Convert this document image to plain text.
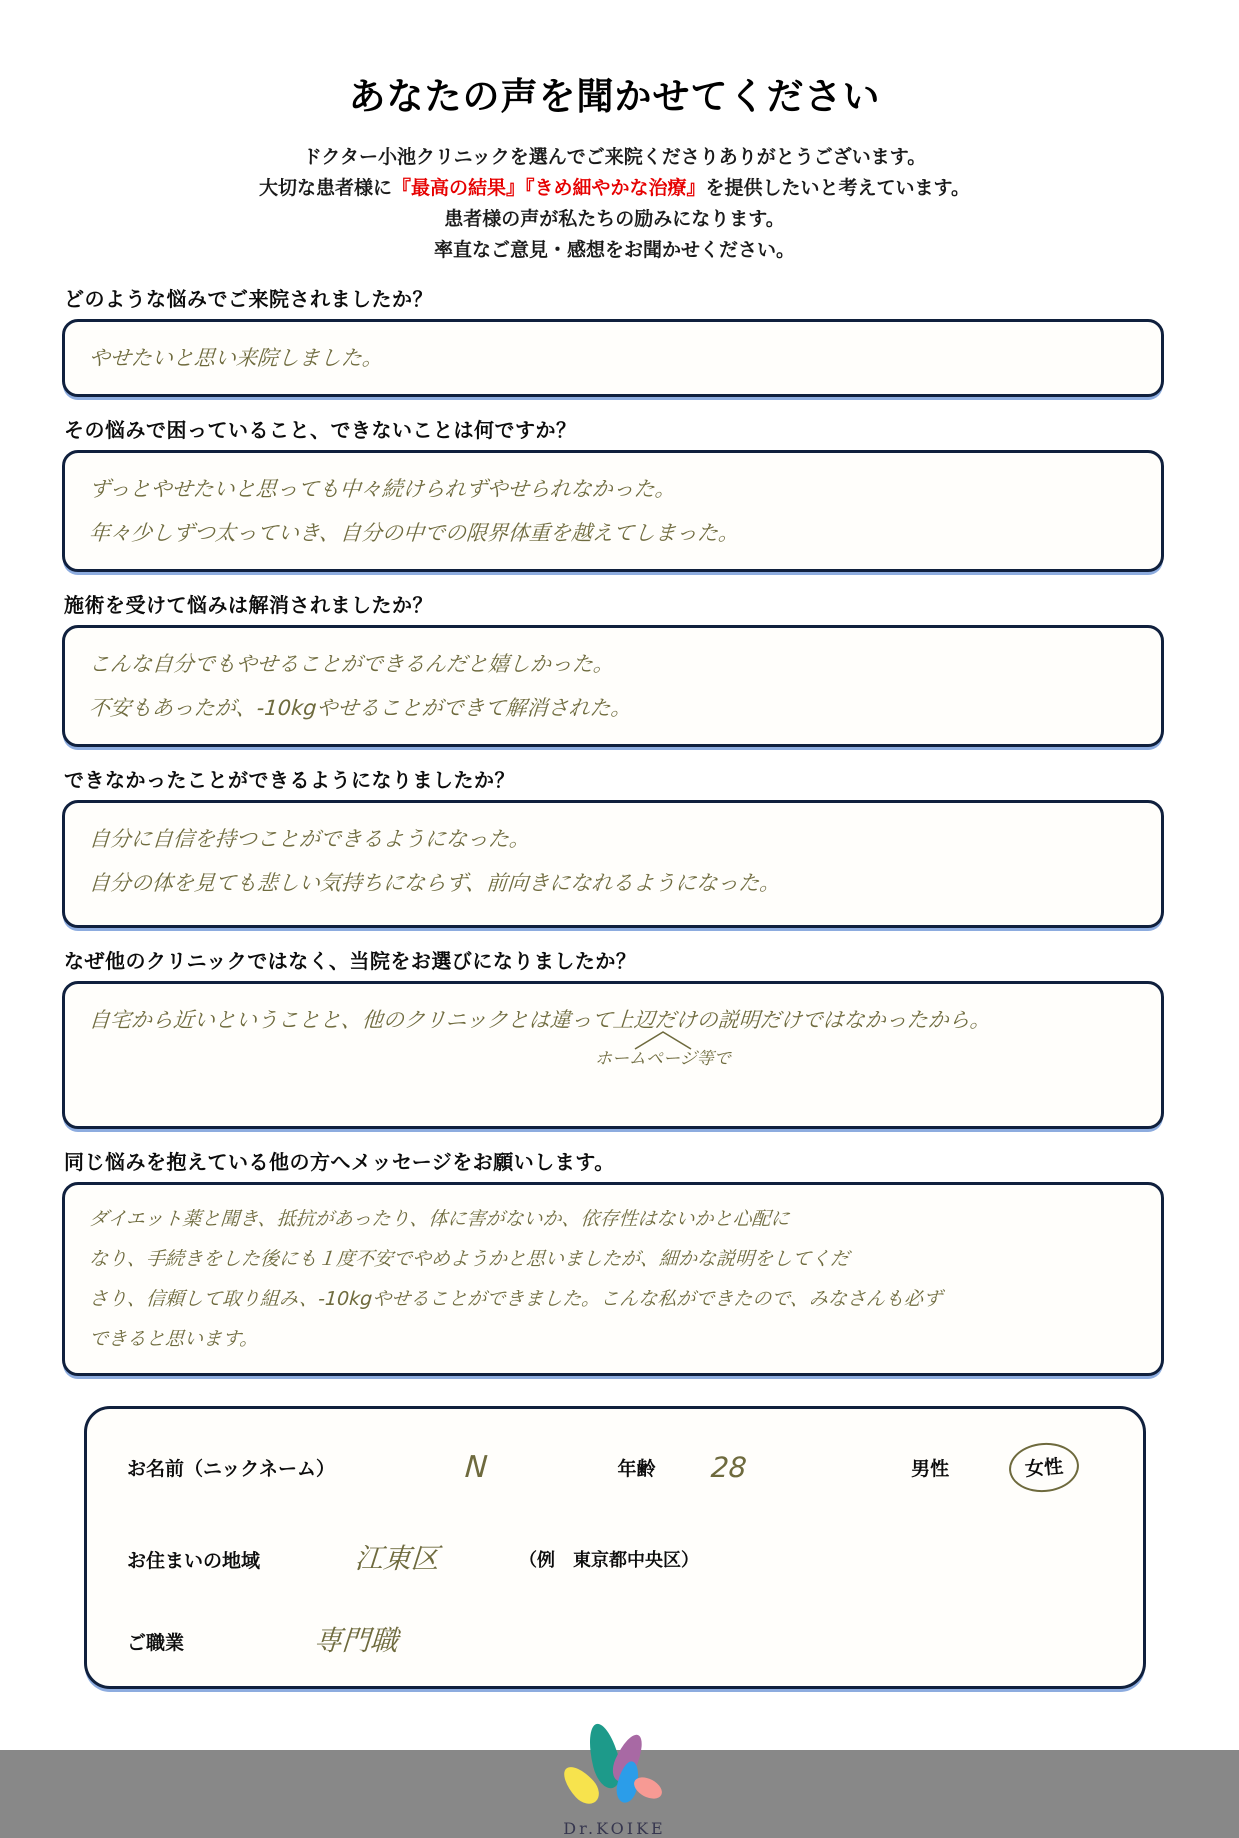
あなたの声を聞かせてください
ドクター小池クリニックを選んでご来院くださりありがとうございます。
大切な患者様に『最高の結果』『きめ細やかな治療』を提供したいと考えています。
患者様の声が私たちの励みになります。
率直なご意見・感想をお聞かせください。
どのような悩みでご来院されましたか？
やせたいと思い来院しました。
その悩みで困っていること、できないことは何ですか？
ずっとやせたいと思っても中々続けられずやせられなかった。
年々少しずつ太っていき、自分の中での限界体重を越えてしまった。
施術を受けて悩みは解消されましたか？
こんな自分でもやせることができるんだと嬉しかった。
不安もあったが、-10kgやせることができて解消された。
できなかったことができるようになりましたか？
自分に自信を持つことができるようになった。
自分の体を見ても悲しい気持ちにならず、前向きになれるようになった。
なぜ他のクリニックではなく、当院をお選びになりましたか？
自宅から近いということと、他のクリニックとは違って上辺だけの説明だけではなかったから。
ホームページ等で
同じ悩みを抱えている他の方へメッセージをお願いします。
ダイエット薬と聞き、抵抗があったり、体に害がないか、依存性はないかと心配に
なり、手続きをした後にも１度不安でやめようかと思いましたが、細かな説明をしてくだ
さり、信頼して取り組み、-10kgやせることができました。こんな私ができたので、みなさんも必ず
できると思います。
お名前（ニックネーム）	N	年齢 28	男性	女性
お住まいの地域	江東区	（例　東京都中央区）
ご職業	専門職
Dr.KOIKE
